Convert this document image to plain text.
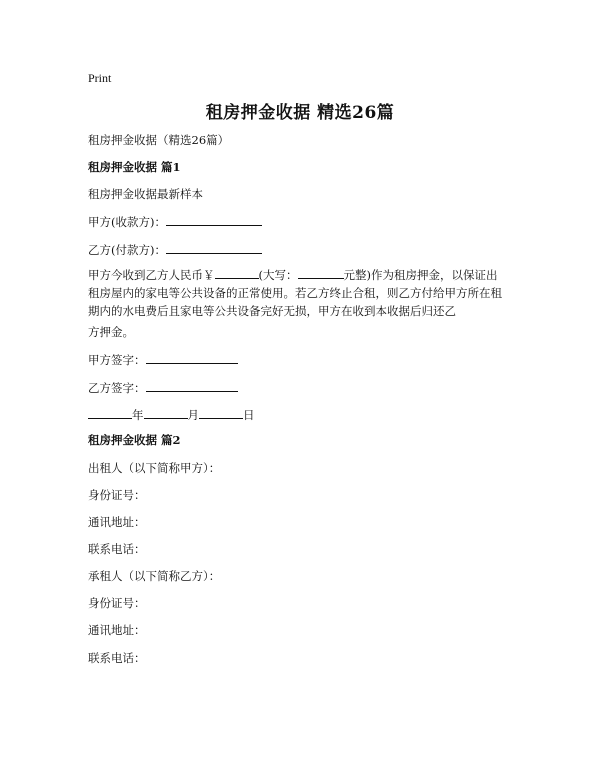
Print
租房押金收据 精选26篇
租房押金收据（精选26篇）
租房押金收据 篇1
租房押金收据最新样本
甲方(收款方)：
乙方(付款方)：
甲方今收到乙方人民币￥	(大写：	元整)作为租房押金，以保证出
租房屋内的家电等公共设备的正常使用。若乙方终止合租，则乙方付给甲方所在租
期内的水电费后且家电等公共设备完好无损，甲方在收到本收据后归还乙
方押金。
甲方签字：
乙方签字：
年	月	日
租房押金收据 篇2
出租人（以下简称甲方）：
身份证号：
通讯地址：
联系电话：
承租人（以下简称乙方）：
身份证号：
通讯地址：
联系电话：
